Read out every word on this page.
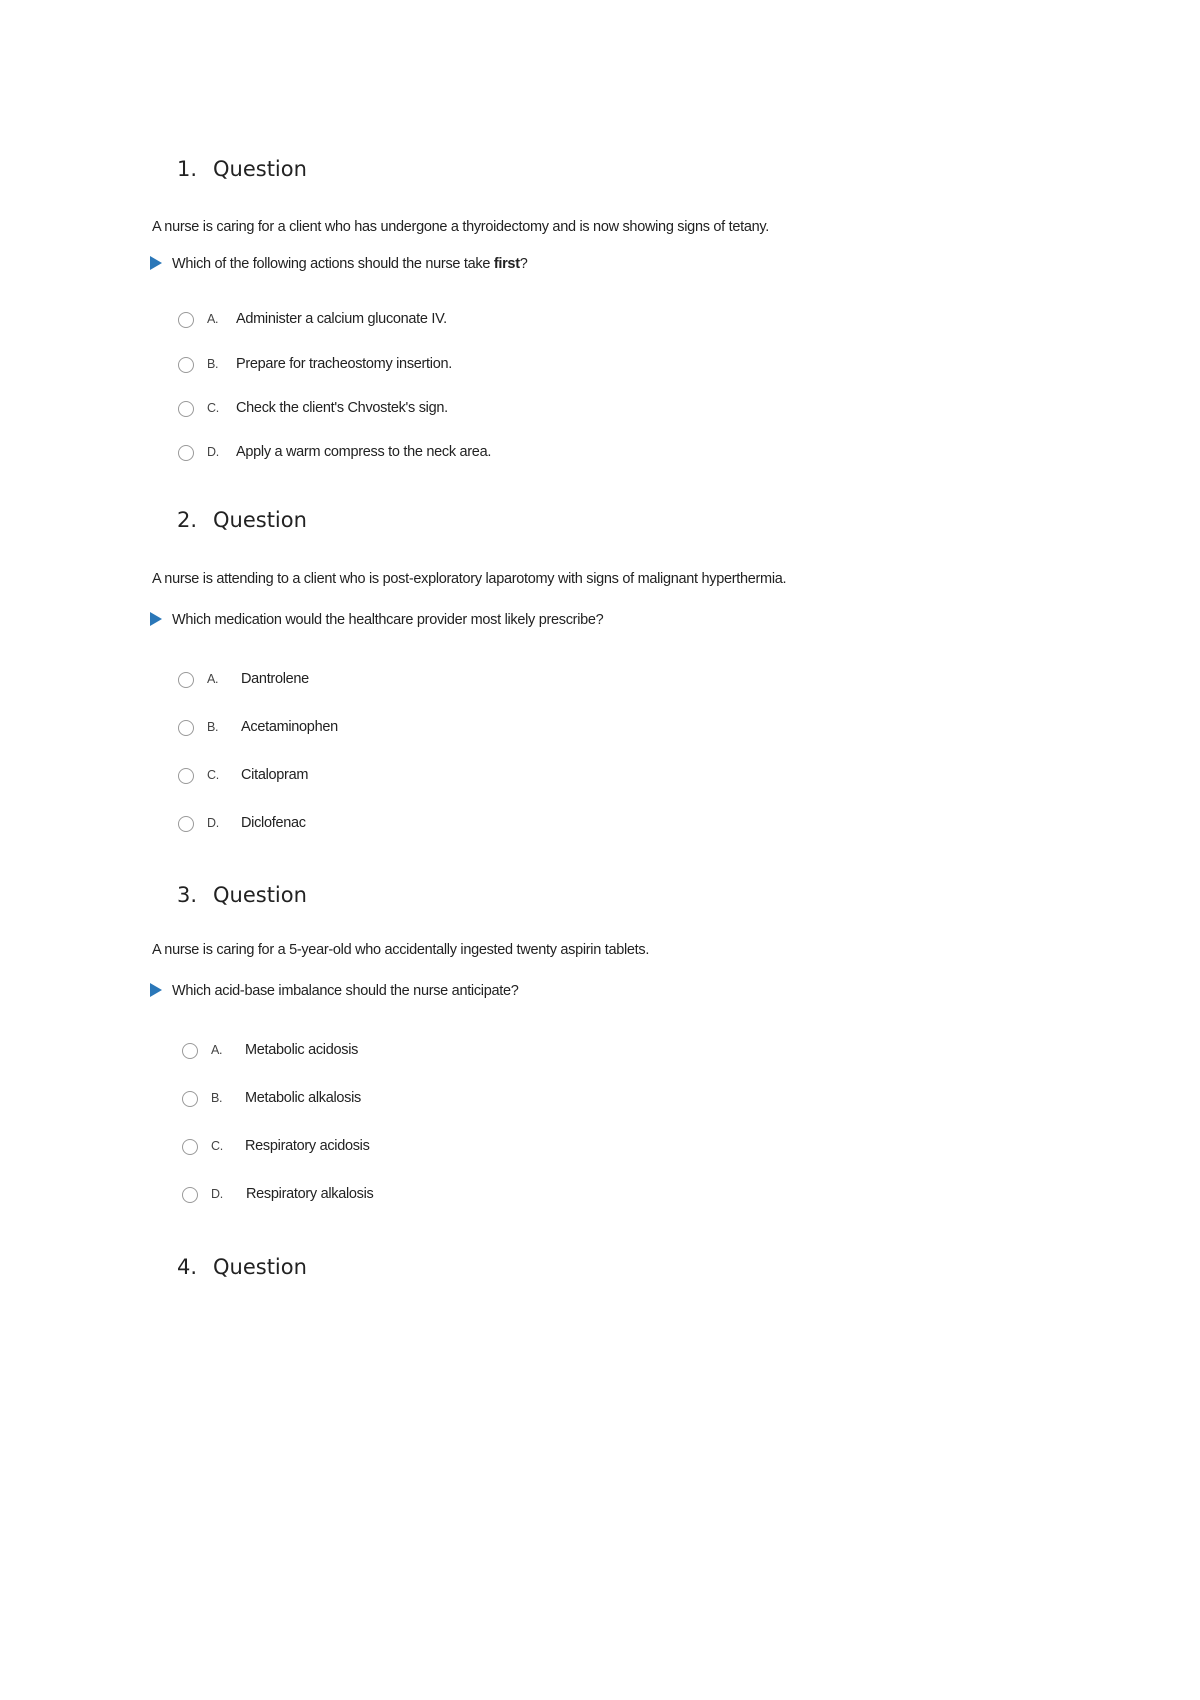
1. Question
A nurse is caring for a client who has undergone a thyroidectomy and is now showing signs of tetany.
Which of the following actions should the nurse take first?
A. Administer a calcium gluconate IV.
B. Prepare for tracheostomy insertion.
C. Check the client's Chvostek's sign.
D. Apply a warm compress to the neck area.
2. Question
A nurse is attending to a client who is post-exploratory laparotomy with signs of malignant hyperthermia.
Which medication would the healthcare provider most likely prescribe?
A. Dantrolene
B. Acetaminophen
C. Citalopram
D. Diclofenac
3. Question
A nurse is caring for a 5-year-old who accidentally ingested twenty aspirin tablets.
Which acid-base imbalance should the nurse anticipate?
A. Metabolic acidosis
B. Metabolic alkalosis
C. Respiratory acidosis
D. Respiratory alkalosis
4. Question
